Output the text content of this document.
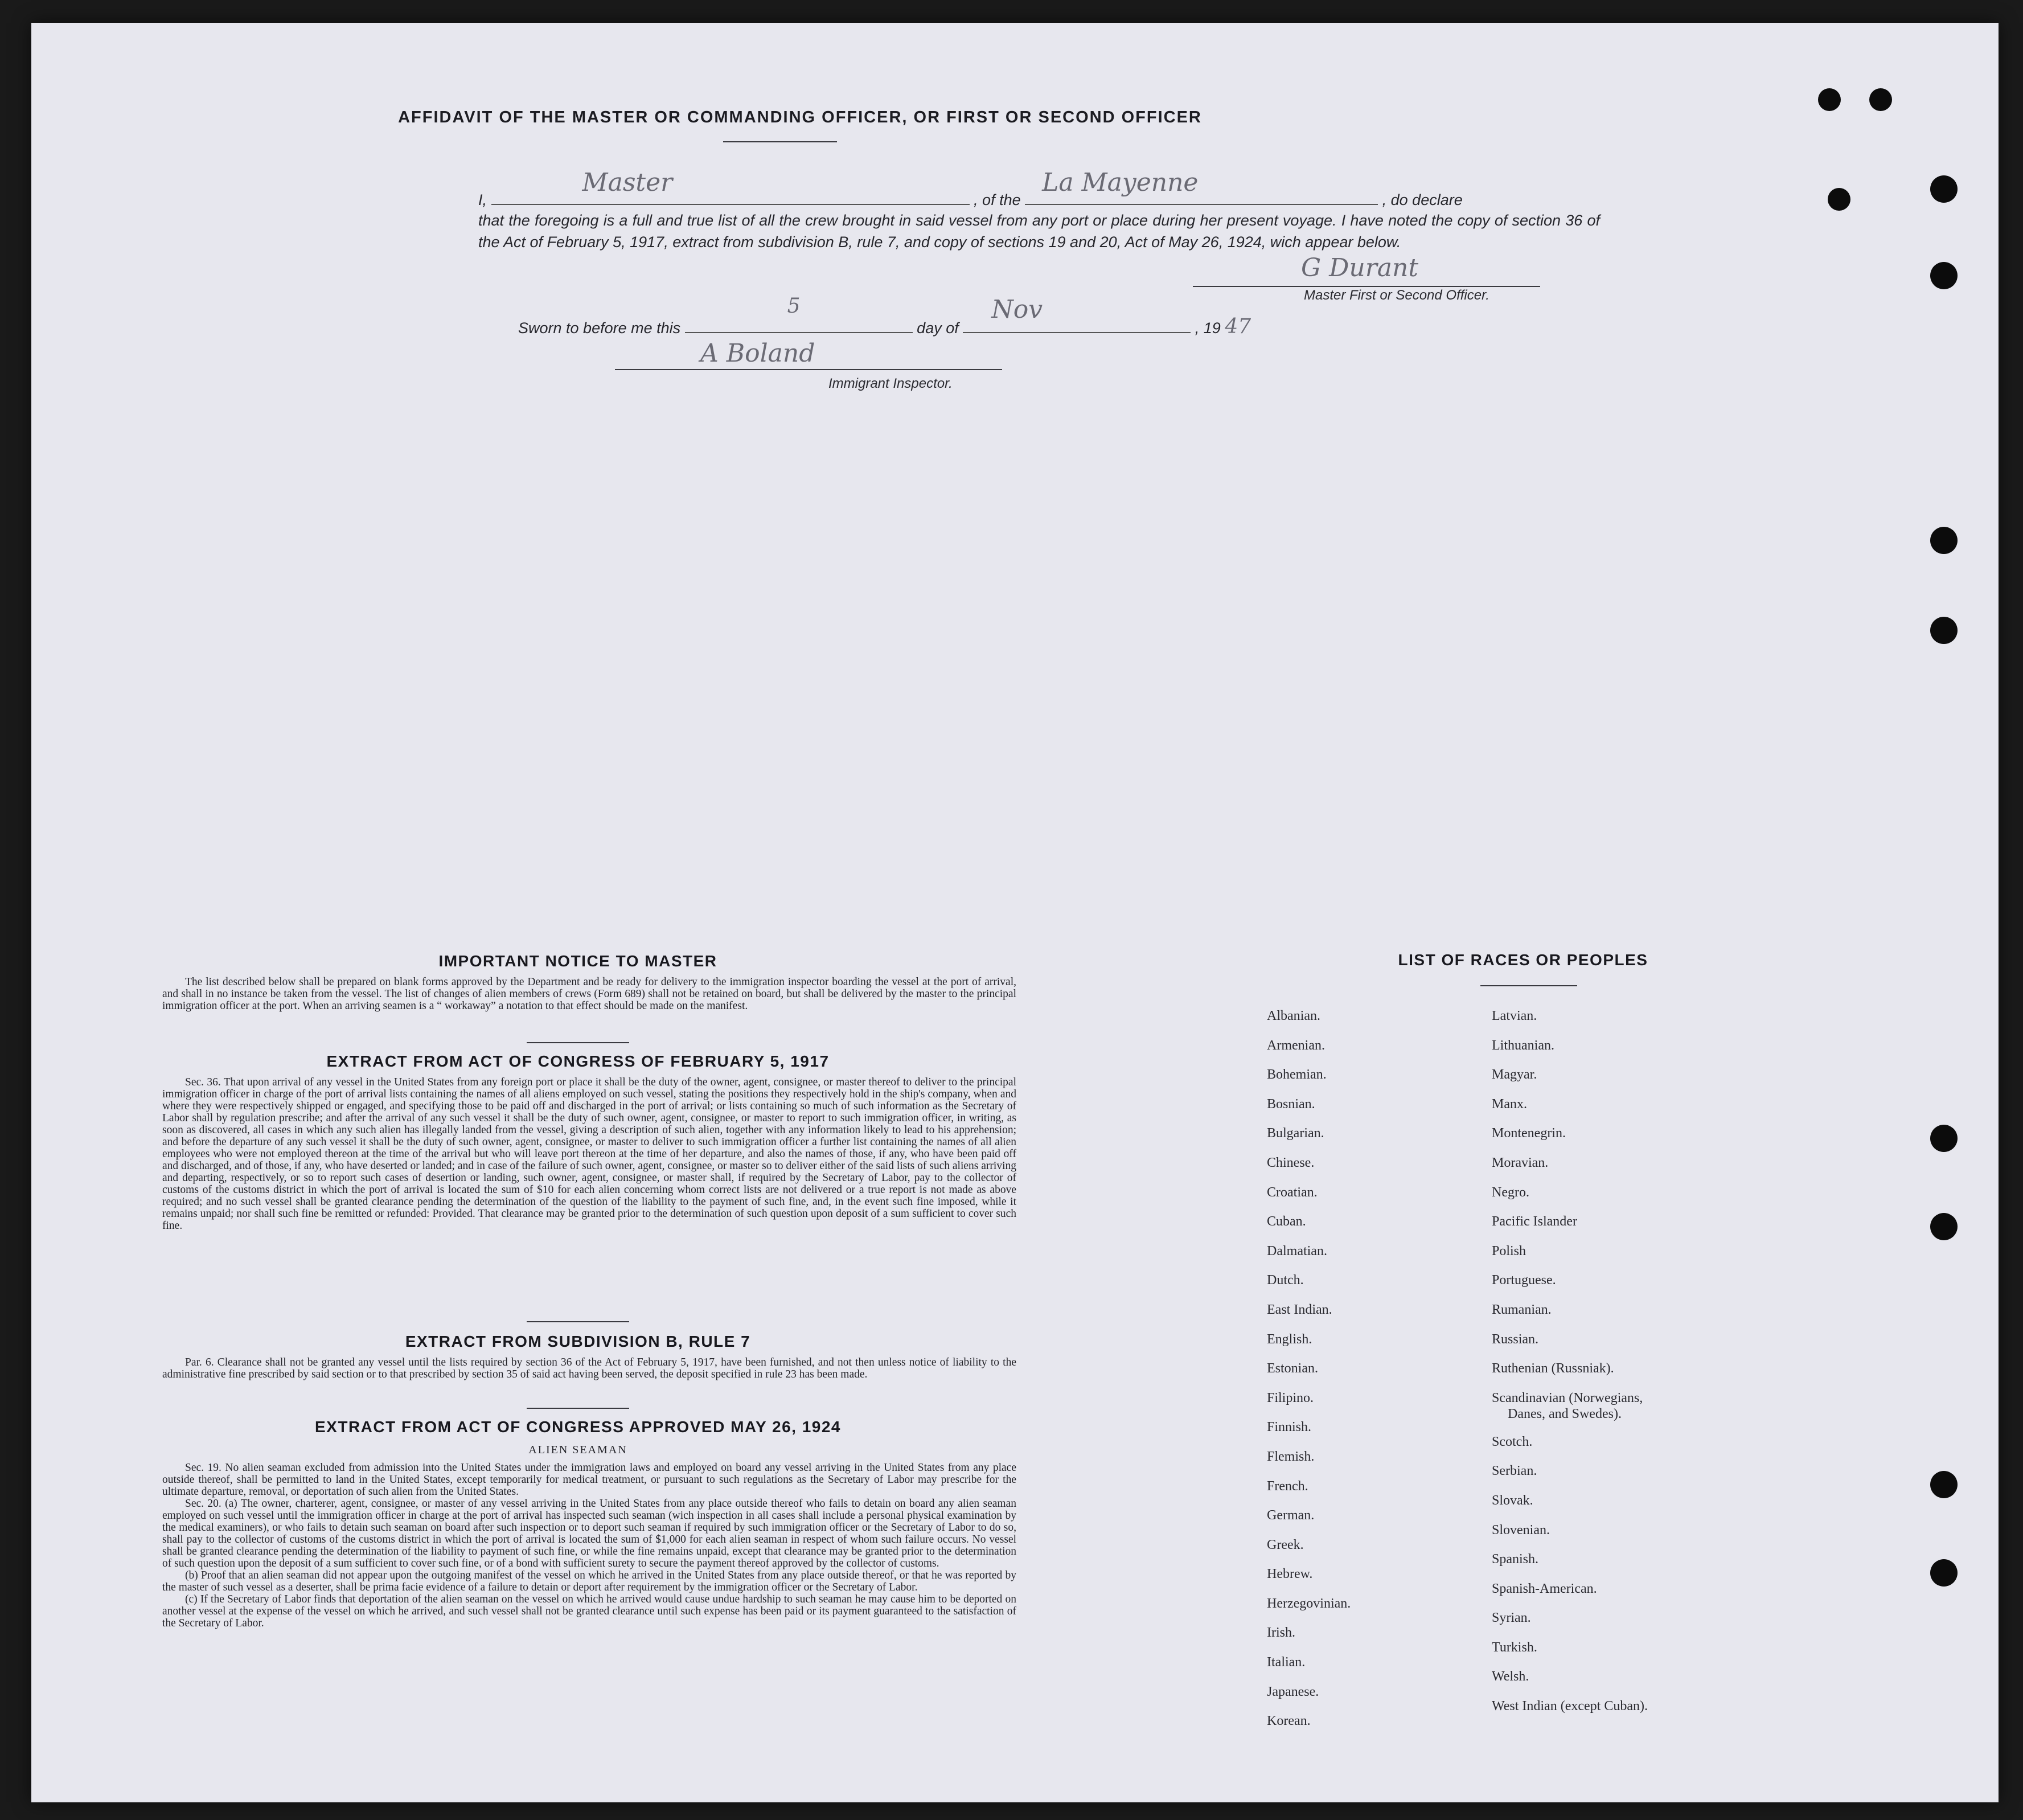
AFFIDAVIT OF THE MASTER OR COMMANDING OFFICER, OR FIRST OR SECOND OFFICER
I,
Master
, of the
La Mayenne
, do declare
that the foregoing is a full and true list of all the crew brought in said vessel from any port or place during her present voyage. I have noted the copy of section 36 of the Act of February 5, 1917, extract from subdivision B, rule 7, and copy of sections 19 and 20, Act of May 26, 1924, wich appear below.
G Durant
Master First or Second Officer.
Sworn to before me this
5
day of
Nov
, 19 47
A Boland
Immigrant Inspector.
IMPORTANT NOTICE TO MASTER

The list described below shall be prepared on blank forms approved by the Department and be ready for delivery to the immigration inspector boarding the vessel at the port of arrival, and shall in no instance be taken from the vessel. The list of changes of alien members of crews (Form 689) shall not be retained on board, but shall be delivered by the master to the principal immigration officer at the port. When an arriving seamen is a “ workaway” a notation to that effect should be made on the manifest.

EXTRACT FROM ACT OF CONGRESS OF FEBRUARY 5, 1917

Sec. 36. That upon arrival of any vessel in the United States from any foreign port or place it shall be the duty of the owner, agent, consignee, or master thereof to deliver to the principal immigration officer in charge of the port of arrival lists containing the names of all aliens employed on such vessel, stating the positions they respectively hold in the ship's company, when and where they were respectively shipped or engaged, and specifying those to be paid off and discharged in the port of arrival; or lists containing so much of such information as the Secretary of Labor shall by regulation prescribe; and after the arrival of any such vessel it shall be the duty of such owner, agent, consignee, or master to report to such immigration officer, in writing, as soon as discovered, all cases in which any such alien has illegally landed from the vessel, giving a description of such alien, together with any information likely to lead to his apprehension; and before the departure of any such vessel it shall be the duty of such owner, agent, consignee, or master to deliver to such immigration officer a further list containing the names of all alien employees who were not employed thereon at the time of the arrival but who will leave port thereon at the time of her departure, and also the names of those, if any, who have been paid off and discharged, and of those, if any, who have deserted or landed; and in case of the failure of such owner, agent, consignee, or master so to deliver either of the said lists of such aliens arriving and departing, respectively, or so to report such cases of desertion or landing, such owner, agent, consignee, or master shall, if required by the Secretary of Labor, pay to the collector of customs of the customs district in which the port of arrival is located the sum of $10 for each alien concerning whom correct lists are not delivered or a true report is not made as above required; and no such vessel shall be granted clearance pending the determination of the question of the liability to the payment of such fine, and, in the event such fine imposed, while it remains unpaid; nor shall such fine be remitted or refunded: Provided. That clearance may be granted prior to the determination of such question upon deposit of a sum sufficient to cover such fine.

EXTRACT FROM SUBDIVISION B, RULE 7

Par. 6. Clearance shall not be granted any vessel until the lists required by section 36 of the Act of February 5, 1917, have been furnished, and not then unless notice of liability to the administrative fine prescribed by said section or to that prescribed by section 35 of said act having been served, the deposit specified in rule 23 has been made.

EXTRACT FROM ACT OF CONGRESS APPROVED MAY 26, 1924
ALIEN SEAMAN

Sec. 19. No alien seaman excluded from admission into the United States under the immigration laws and employed on board any vessel arriving in the United States from any place outside thereof, shall be permitted to land in the United States, except temporarily for medical treatment, or pursuant to such regulations as the Secretary of Labor may prescribe for the ultimate departure, removal, or deportation of such alien from the United States.

Sec. 20. (a) The owner, charterer, agent, consignee, or master of any vessel arriving in the United States from any place outside thereof who fails to detain on board any alien seaman employed on such vessel until the immigration officer in charge at the port of arrival has inspected such seaman (wich inspection in all cases shall include a personal physical examination by the medical examiners), or who fails to detain such seaman on board after such inspection or to deport such seaman if required by such immigration officer or the Secretary of Labor to do so, shall pay to the collector of customs of the customs district in which the port of arrival is located the sum of $1,000 for each alien seaman in respect of whom such failure occurs. No vessel shall be granted clearance pending the determination of the liability to payment of such fine, or while the fine remains unpaid, except that clearance may be granted prior to the determination of such question upon the deposit of a sum sufficient to cover such fine, or of a bond with sufficient surety to secure the payment thereof approved by the collector of customs.

(b) Proof that an alien seaman did not appear upon the outgoing manifest of the vessel on which he arrived in the United States from any place outside thereof, or that he was reported by the master of such vessel as a deserter, shall be prima facie evidence of a failure to detain or deport after requirement by the immigration officer or the Secretary of Labor.

(c) If the Secretary of Labor finds that deportation of the alien seaman on the vessel on which he arrived would cause undue hardship to such seaman he may cause him to be deported on another vessel at the expense of the vessel on which he arrived, and such vessel shall not be granted clearance until such expense has been paid or its payment guaranteed to the satisfaction of the Secretary of Labor.

LIST OF RACES OR PEOPLES
Albanian.
Armenian.
Bohemian.
Bosnian.
Bulgarian.
Chinese.
Croatian.
Cuban.
Dalmatian.
Dutch.
East Indian.
English.
Estonian.
Filipino.
Finnish.
Flemish.
French.
German.
Greek.
Hebrew.
Herzegovinian.
Irish.
Italian.
Japanese.
Korean.
Latvian.
Lithuanian.
Magyar.
Manx.
Montenegrin.
Moravian.
Negro.
Pacific Islander
Polish
Portuguese.
Rumanian.
Russian.
Ruthenian (Russniak).
Scandinavian (Norwegians,
Danes, and Swedes).
Scotch.
Serbian.
Slovak.
Slovenian.
Spanish.
Spanish-American.
Syrian.
Turkish.
Welsh.
West Indian (except Cuban).
